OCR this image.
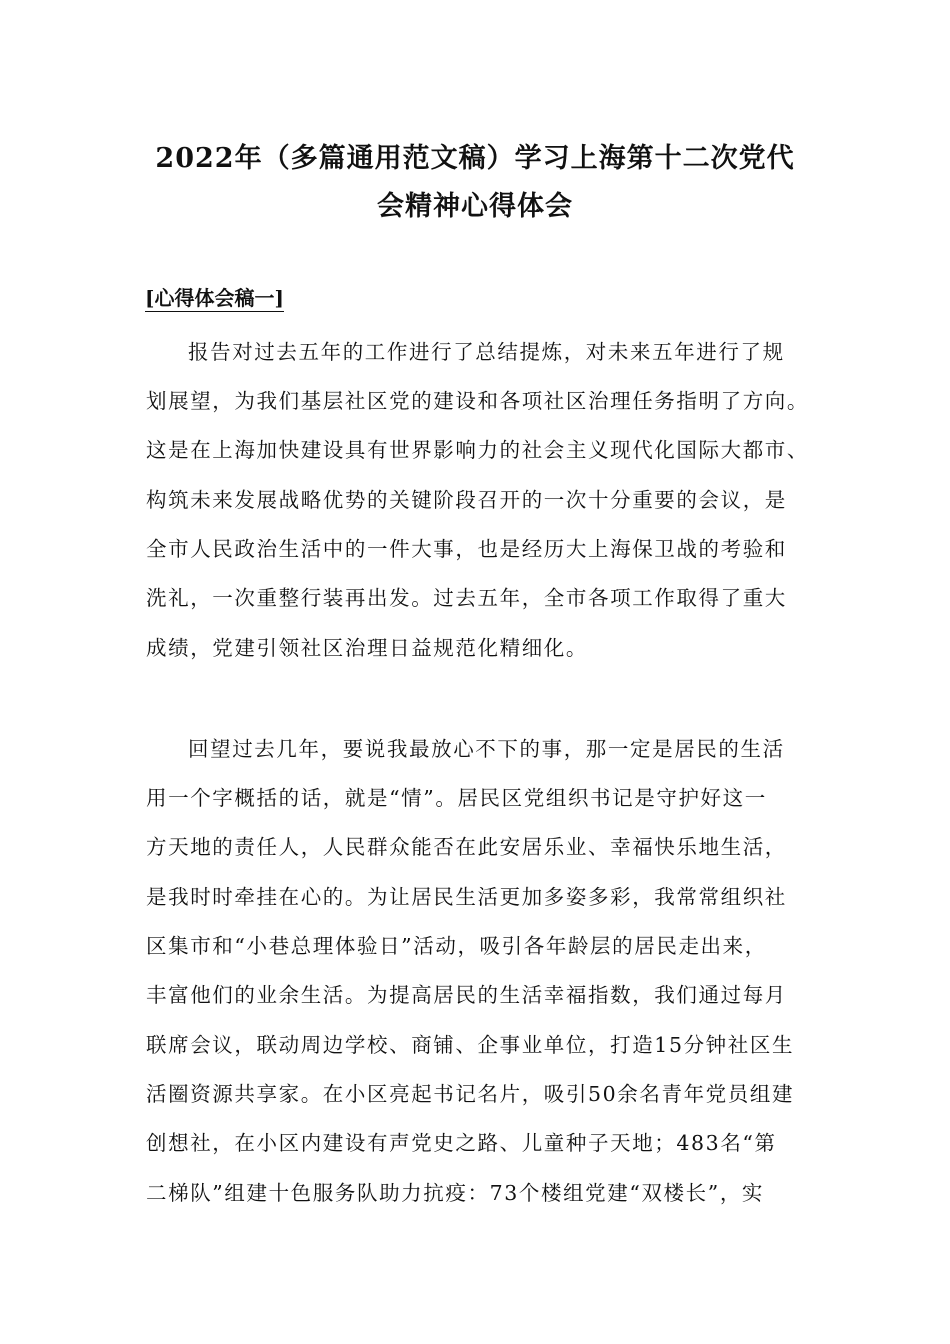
2022年（多篇通用范文稿）学习上海第十二次党代
会精神心得体会
[心得体会稿一]
报告对过去五年的工作进行了总结提炼，对未来五年进行了规
划展望，为我们基层社区党的建设和各项社区治理任务指明了方向。
这是在上海加快建设具有世界影响力的社会主义现代化国际大都市、
构筑未来发展战略优势的关键阶段召开的一次十分重要的会议，是
全市人民政治生活中的一件大事，也是经历大上海保卫战的考验和
洗礼，一次重整行装再出发。过去五年，全市各项工作取得了重大
成绩，党建引领社区治理日益规范化精细化。
回望过去几年，要说我最放心不下的事，那一定是居民的生活
用一个字概括的话，就是“情”。居民区党组织书记是守护好这一
方天地的责任人，人民群众能否在此安居乐业、幸福快乐地生活，
是我时时牵挂在心的。为让居民生活更加多姿多彩，我常常组织社
区集市和“小巷总理体验日”活动，吸引各年龄层的居民走出来，
丰富他们的业余生活。为提高居民的生活幸福指数，我们通过每月
联席会议，联动周边学校、商铺、企事业单位，打造15分钟社区生
活圈资源共享家。在小区亮起书记名片，吸引50余名青年党员组建
创想社，在小区内建设有声党史之路、儿童种子天地；483名“第
二梯队”组建十色服务队助力抗疫：73个楼组党建“双楼长”，实
